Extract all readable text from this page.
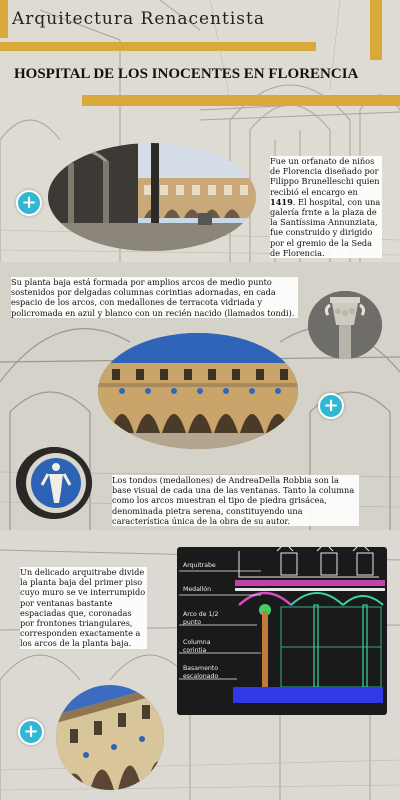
Arquitectura Renacentista
HOSPITAL DE LOS INOCENTES EN FLORENCIA
+
Fue un orfanato de niños de Florencia diseñado por Filippo Brunelleschi quien recibió el encargo en 1419. El hospital, con una galería frnte a la plaza de la Santíssima Annunziata, fue construido y dirigido por el gremio de la Seda de Florencia.
Su planta baja está formada por amplios arcos de medio punto sostenidos por delgadas columnas corintias adornadas, en cada espacio de los arcos, con medallones de terracota vidriada y policromada en azul y blanco con un recién nacido (llamados tondi).
+
Los tondos (medallones) de AndreaDella Robbia son la base visual de cada una de las ventanas. Tanto la columna como los arcos muestran el tipo de piedra grisácea, denominada pietra serena, constituyendo una característica única de la obra de su autor.
Un delicado arquitrabe divide la planta baja del primer piso cuyo muro se ve interrumpido por ventanas bastante espaciadas que, coronadas por frontones triangulares, corresponden exactamente a los arcos de la planta baja.
Arquitrabe
Medallón
Arco de 1/2 punto
Columna corintia
Basamento escalonado
+
